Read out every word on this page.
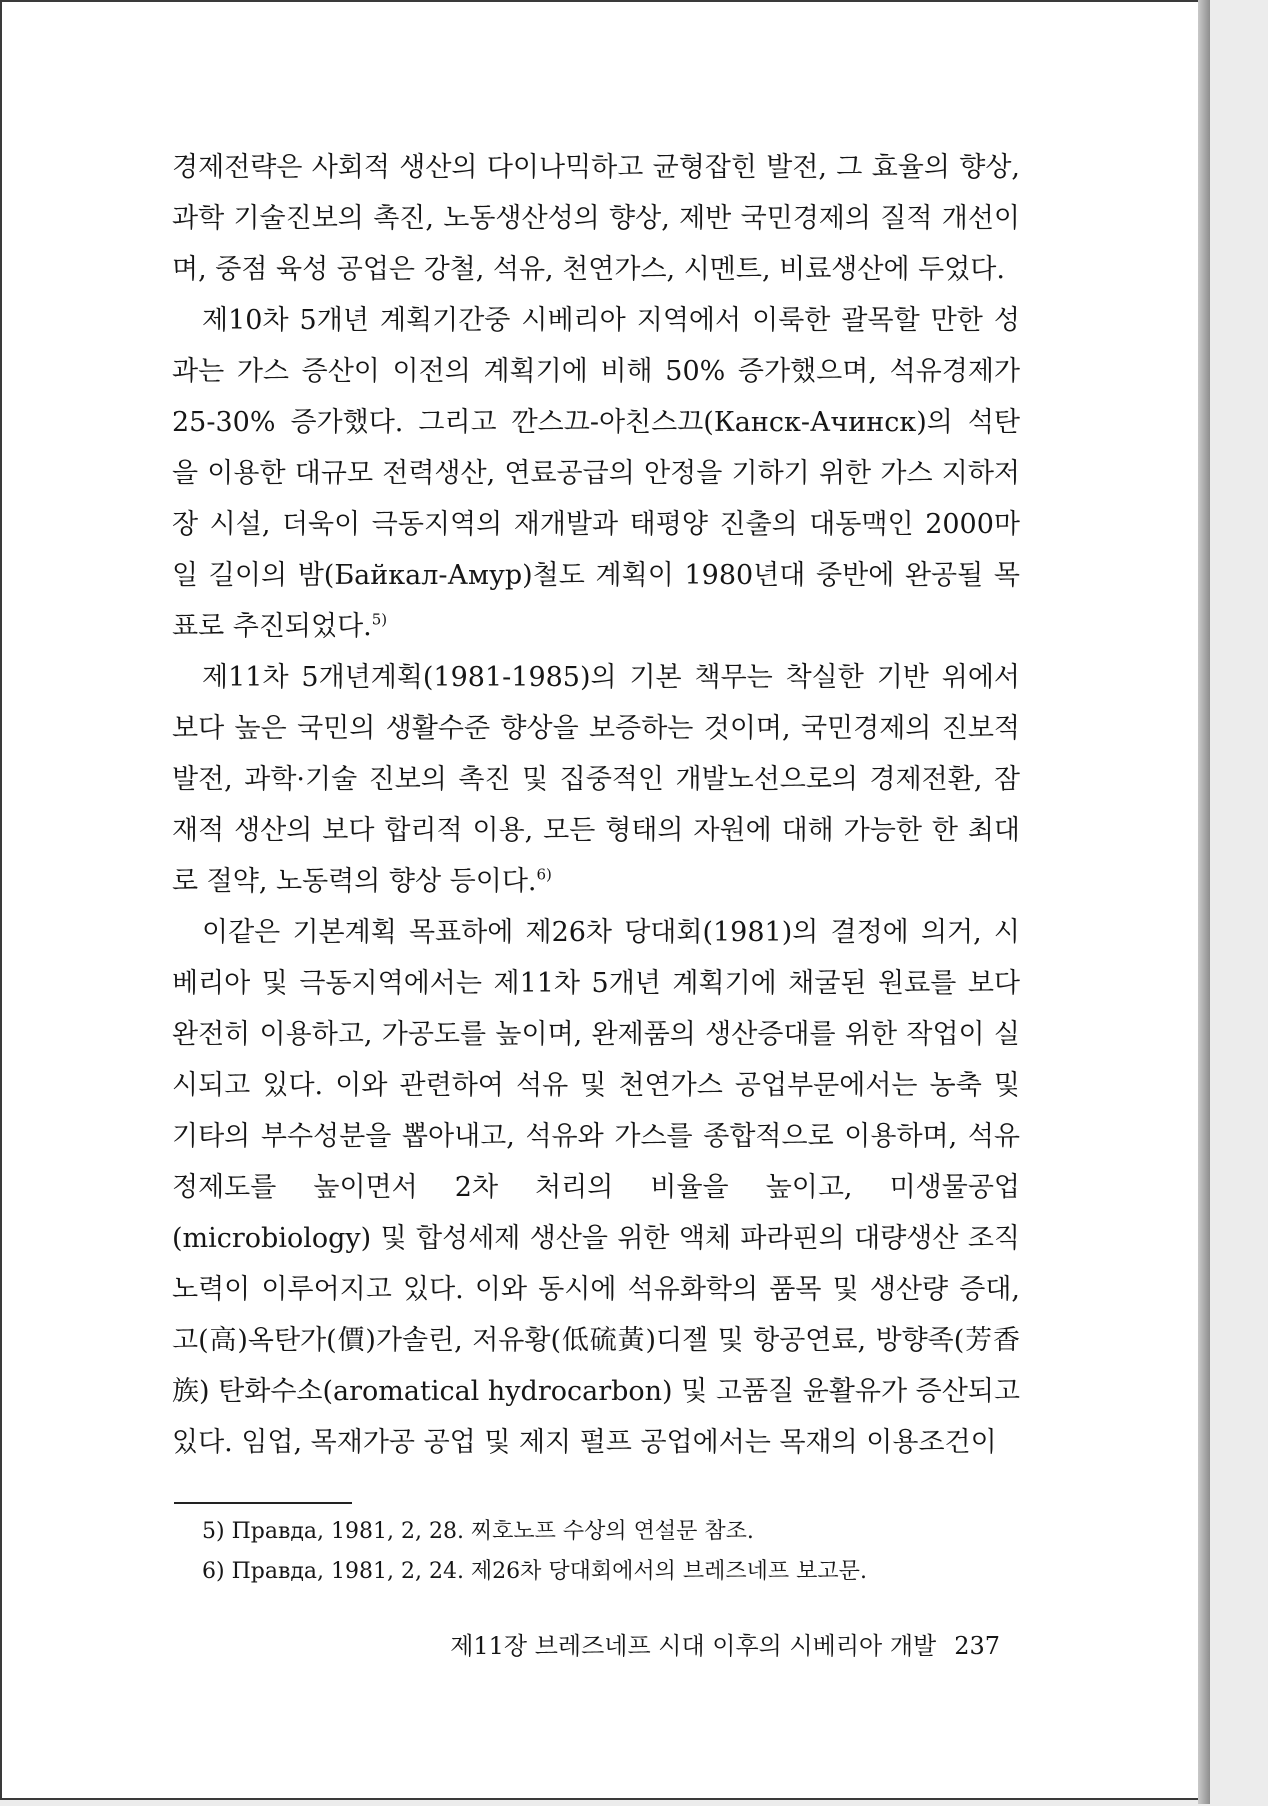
경제전략은 사회적 생산의 다이나믹하고 균형잡힌 발전, 그 효율의 향상, 과학 기술진보의 촉진, 노동생산성의 향상, 제반 국민경제의 질적 개선이며, 중점 육성 공업은 강철, 석유, 천연가스, 시멘트, 비료생산에 두었다.

제10차 5개년 계획기간중 시베리아 지역에서 이룩한 괄목할 만한 성과는 가스 증산이 이전의 계획기에 비해 50% 증가했으며, 석유경제가 25-30% 증가했다. 그리고 깐스끄-아친스끄(Канск-Ачинск)의 석탄을 이용한 대규모 전력생산, 연료공급의 안정을 기하기 위한 가스 지하저장 시설, 더욱이 극동지역의 재개발과 태평양 진출의 대동맥인 2000마일 길이의 밤(Байкал-Амур)철도 계획이 1980년대 중반에 완공될 목표로 추진되었다.$^{5)}$

제11차 5개년계획(1981-1985)의 기본 책무는 착실한 기반 위에서 보다 높은 국민의 생활수준 향상을 보증하는 것이며, 국민경제의 진보적 발전, 과학·기술 진보의 촉진 및 집중적인 개발노선으로의 경제전환, 잠재적 생산의 보다 합리적 이용, 모든 형태의 자원에 대해 가능한 한 최대로 절약, 노동력의 향상 등이다.$^{6)}$

이같은 기본계획 목표하에 제26차 당대회(1981)의 결정에 의거, 시베리아 및 극동지역에서는 제11차 5개년 계획기에 채굴된 원료를 보다 완전히 이용하고, 가공도를 높이며, 완제품의 생산증대를 위한 작업이 실시되고 있다. 이와 관련하여 석유 및 천연가스 공업부문에서는 농축 및 기타의 부수성분을 뽑아내고, 석유와 가스를 종합적으로 이용하며, 석유정제도를 높이면서 2차 처리의 비율을 높이고, 미생물공업(microbiology) 및 합성세제 생산을 위한 액체 파라핀의 대량생산 조직노력이 이루어지고 있다. 이와 동시에 석유화학의 품목 및 생산량 증대, 고(高)옥탄가(價)가솔린, 저유황(低硫黃)디젤 및 항공연료, 방향족(芳香族) 탄화수소(aromatical hydrocarbon) 및 고품질 윤활유가 증산되고 있다. 임업, 목재가공 공업 및 제지 펄프 공업에서는 목재의 이용조건이

5) Правда, 1981, 2, 28. 찌호노프 수상의 연설문 참조.
6) Правда, 1981, 2, 24. 제26차 당대회에서의 브레즈네프 보고문.
제11장 브레즈네프 시대 이후의 시베리아 개발 237
